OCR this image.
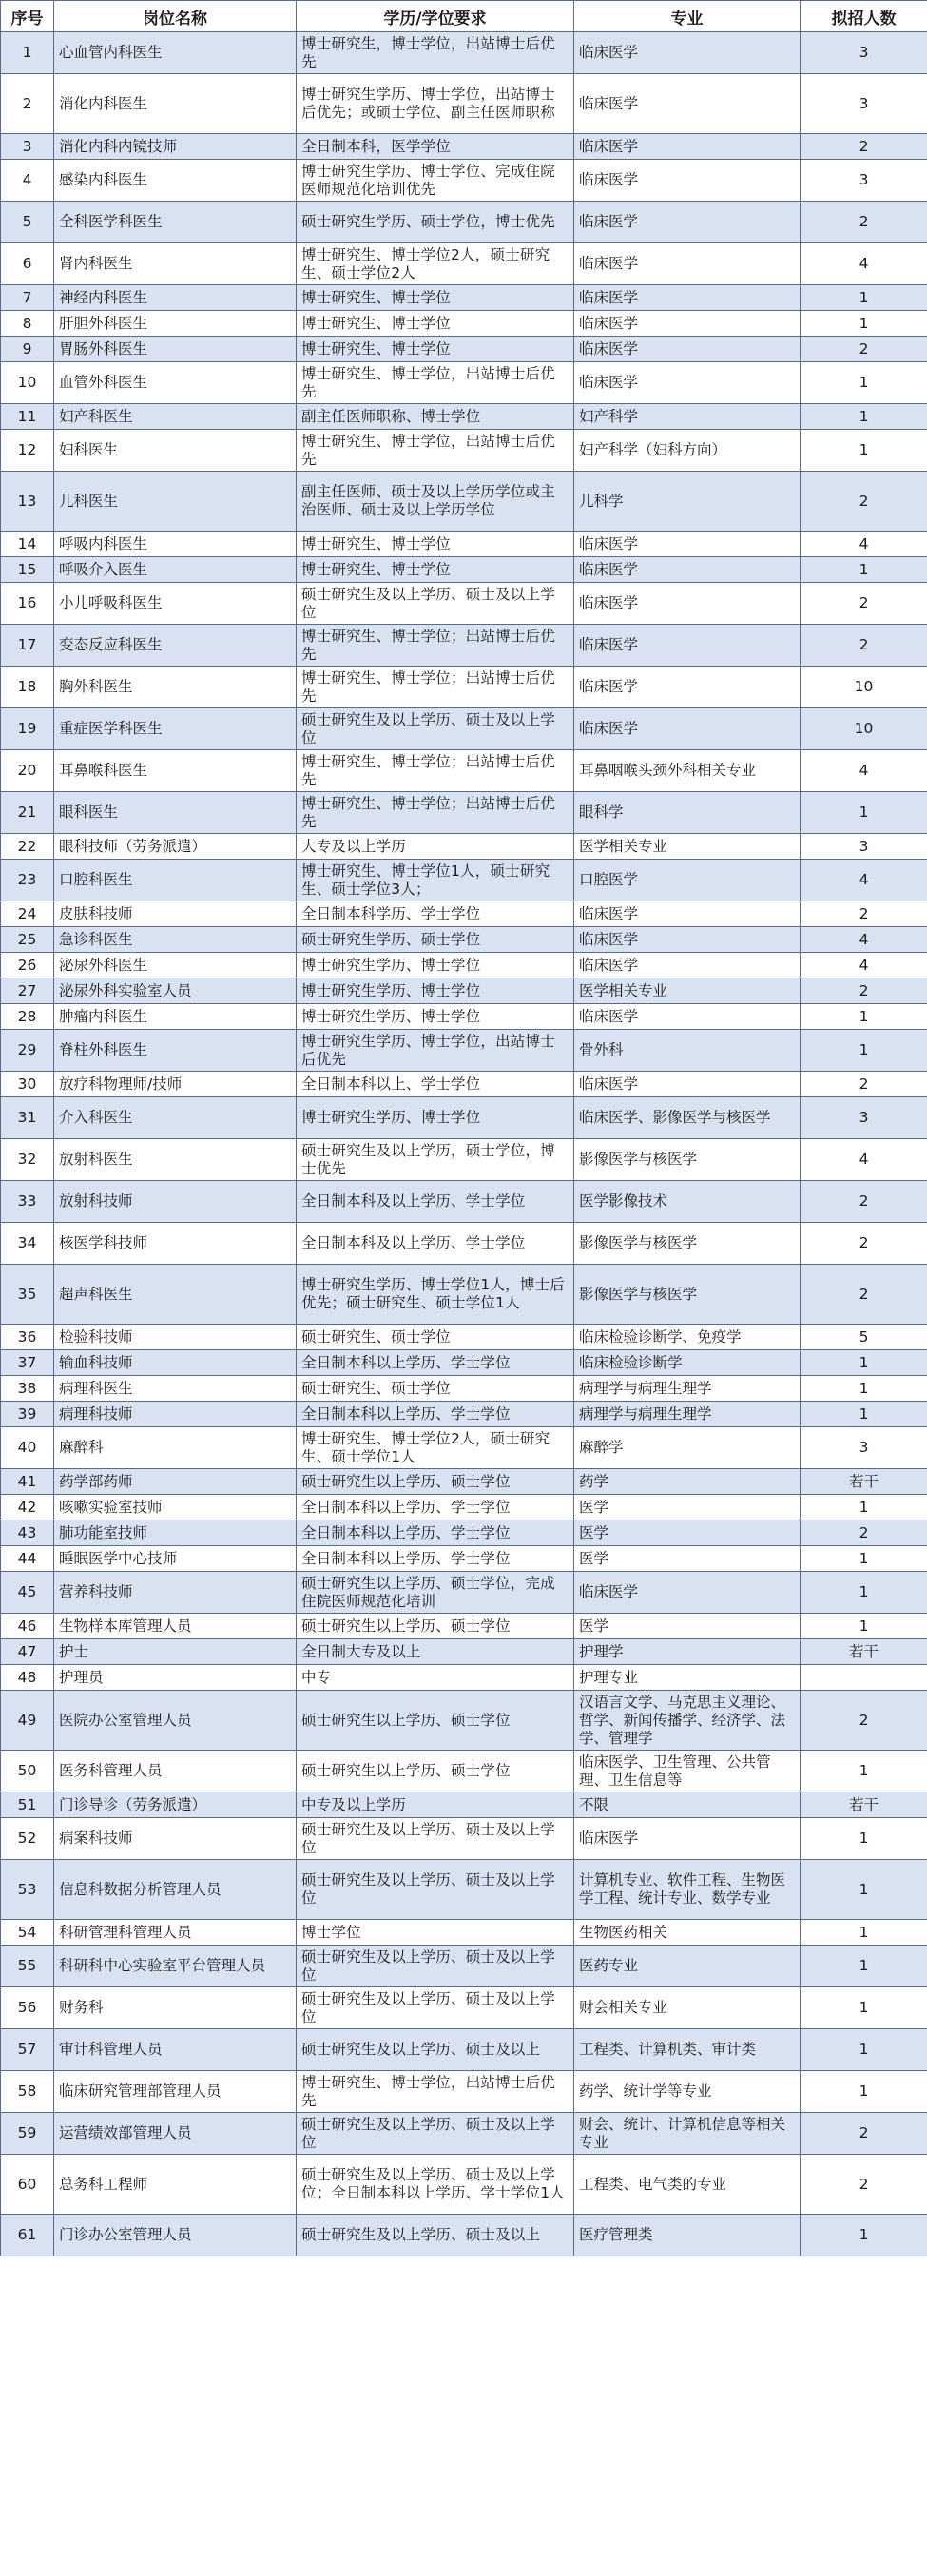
序号	岗位名称	学历/学位要求	专业	拟招人数
1	心血管内科医生	博士研究生，博士学位，出站博士后优先	临床医学	3
2	消化内科医生	博士研究生学历、博士学位，出站博士后优先；或硕士学位、副主任医师职称	临床医学	3
3	消化内科内镜技师	全日制本科，医学学位	临床医学	2
4	感染内科医生	博士研究生学历、博士学位、完成住院医师规范化培训优先	临床医学	3
5	全科医学科医生	硕士研究生学历、硕士学位，博士优先	临床医学	2
6	肾内科医生	博士研究生、博士学位2人，硕士研究生、硕士学位2人	临床医学	4
7	神经内科医生	博士研究生、博士学位	临床医学	1
8	肝胆外科医生	博士研究生、博士学位	临床医学	1
9	胃肠外科医生	博士研究生、博士学位	临床医学	2
10	血管外科医生	博士研究生、博士学位，出站博士后优先	临床医学	1
11	妇产科医生	副主任医师职称、博士学位	妇产科学	1
12	妇科医生	博士研究生、博士学位，出站博士后优先	妇产科学（妇科方向）	1
13	儿科医生	副主任医师、硕士及以上学历学位或主治医师、硕士及以上学历学位	儿科学	2
14	呼吸内科医生	博士研究生、博士学位	临床医学	4
15	呼吸介入医生	博士研究生、博士学位	临床医学	1
16	小儿呼吸科医生	硕士研究生及以上学历、硕士及以上学位	临床医学	2
17	变态反应科医生	博士研究生、博士学位；出站博士后优先	临床医学	2
18	胸外科医生	博士研究生、博士学位；出站博士后优先	临床医学	10
19	重症医学科医生	硕士研究生及以上学历、硕士及以上学位	临床医学	10
20	耳鼻喉科医生	博士研究生、博士学位；出站博士后优先	耳鼻咽喉头颈外科相关专业	4
21	眼科医生	博士研究生、博士学位；出站博士后优先	眼科学	1
22	眼科技师（劳务派遣）	大专及以上学历	医学相关专业	3
23	口腔科医生	博士研究生、博士学位1人，硕士研究生、硕士学位3人；	口腔医学	4
24	皮肤科技师	全日制本科学历、学士学位	临床医学	2
25	急诊科医生	硕士研究生学历、硕士学位	临床医学	4
26	泌尿外科医生	博士研究生学历、博士学位	临床医学	4
27	泌尿外科实验室人员	博士研究生学历、博士学位	医学相关专业	2
28	肿瘤内科医生	博士研究生学历、博士学位	临床医学	1
29	脊柱外科医生	博士研究生学历、博士学位，出站博士后优先	骨外科	1
30	放疗科物理师/技师	全日制本科以上、学士学位	临床医学	2
31	介入科医生	博士研究生学历、博士学位	临床医学、影像医学与核医学	3
32	放射科医生	硕士研究生及以上学历，硕士学位，博士优先	影像医学与核医学	4
33	放射科技师	全日制本科及以上学历、学士学位	医学影像技术	2
34	核医学科技师	全日制本科及以上学历、学士学位	影像医学与核医学	2
35	超声科医生	博士研究生学历、博士学位1人，博士后优先；硕士研究生、硕士学位1人	影像医学与核医学	2
36	检验科技师	硕士研究生、硕士学位	临床检验诊断学、免疫学	5
37	输血科技师	全日制本科以上学历、学士学位	临床检验诊断学	1
38	病理科医生	硕士研究生、硕士学位	病理学与病理生理学	1
39	病理科技师	全日制本科以上学历、学士学位	病理学与病理生理学	1
40	麻醉科	博士研究生、博士学位2人，硕士研究生、硕士学位1人	麻醉学	3
41	药学部药师	硕士研究生以上学历、硕士学位	药学	若干
42	咳嗽实验室技师	全日制本科以上学历、学士学位	医学	1
43	肺功能室技师	全日制本科以上学历、学士学位	医学	2
44	睡眠医学中心技师	全日制本科以上学历、学士学位	医学	1
45	营养科技师	硕士研究生以上学历、硕士学位，完成住院医师规范化培训	临床医学	1
46	生物样本库管理人员	硕士研究生以上学历、硕士学位	医学	1
47	护士	全日制大专及以上	护理学	若干
48	护理员	中专	护理专业	
49	医院办公室管理人员	硕士研究生以上学历、硕士学位	汉语言文学、马克思主义理论、哲学、新闻传播学、经济学、法学、管理学	2
50	医务科管理人员	硕士研究生以上学历、硕士学位	临床医学、卫生管理、公共管理、卫生信息等	1
51	门诊导诊（劳务派遣）	中专及以上学历	不限	若干
52	病案科技师	硕士研究生及以上学历、硕士及以上学位	临床医学	1
53	信息科数据分析管理人员	硕士研究生及以上学历、硕士及以上学位	计算机专业、软件工程、生物医学工程、统计专业、数学专业	1
54	科研管理科管理人员	博士学位	生物医药相关	1
55	科研科中心实验室平台管理人员	硕士研究生及以上学历、硕士及以上学位	医药专业	1
56	财务科	硕士研究生及以上学历、硕士及以上学位	财会相关专业	1
57	审计科管理人员	硕士研究生及以上学历、硕士及以上	工程类、计算机类、审计类	1
58	临床研究管理部管理人员	博士研究生、博士学位，出站博士后优先	药学、统计学等专业	1
59	运营绩效部管理人员	硕士研究生及以上学历、硕士及以上学位	财会、统计、计算机信息等相关专业	2
60	总务科工程师	硕士研究生及以上学历、硕士及以上学位；全日制本科以上学历、学士学位1人	工程类、电气类的专业	2
61	门诊办公室管理人员	硕士研究生及以上学历、硕士及以上	医疗管理类	1
